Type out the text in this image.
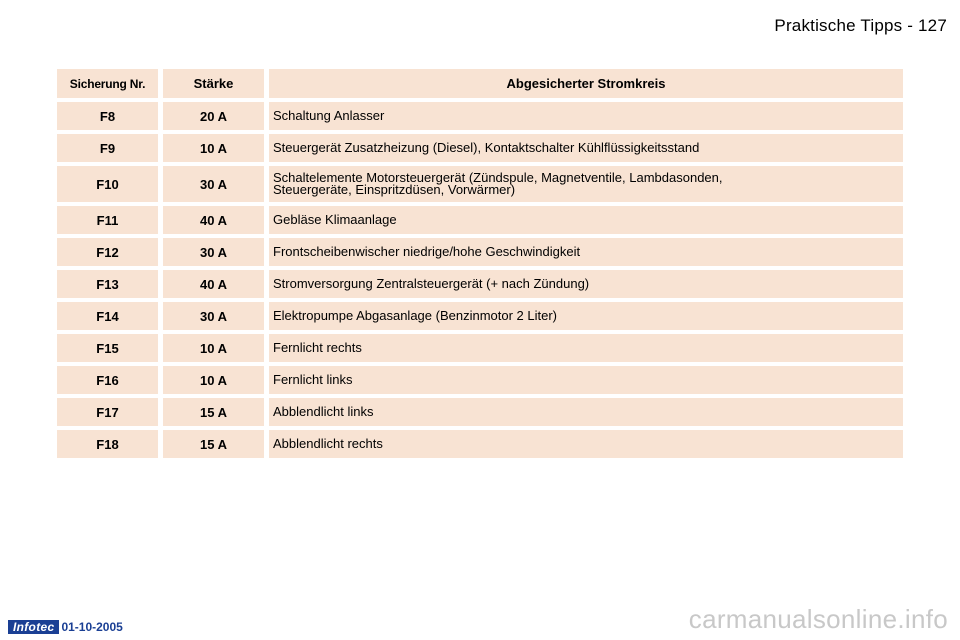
Praktische Tipps - 127
Sicherung Nr.	Stärke	Abgesicherter Stromkreis
F8	20 A	Schaltung Anlasser
F9	10 A	Steuergerät Zusatzheizung (Diesel), Kontaktschalter Kühlflüssigkeitsstand
F10	30 A	Schaltelemente Motorsteuergerät (Zündspule, Magnetventile, Lambdasonden,
Steuergeräte, Einspritzdüsen, Vorwärmer)

F11	40 A	Gebläse Klimaanlage
F12	30 A	Frontscheibenwischer niedrige/hohe Geschwindigkeit
F13	40 A	Stromversorgung Zentralsteuergerät (+ nach Zündung)
F14	30 A	Elektropumpe Abgasanlage (Benzinmotor 2 Liter)
F15	10 A	Fernlicht rechts
F16	10 A	Fernlicht links
F17	15 A	Abblendlicht links
F18	15 A	Abblendlicht rechts
Infotec 01-10-2005	carmanualsonline.info
